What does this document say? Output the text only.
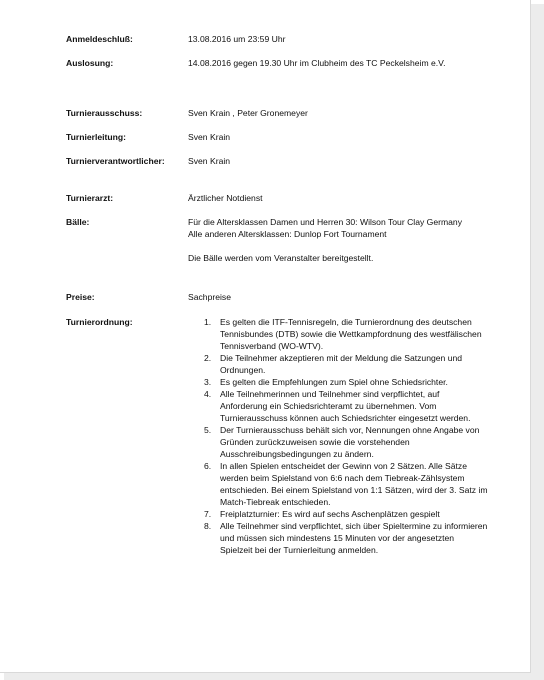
Anmeldeschluß:	13.08.2016 um 23:59 Uhr
Auslosung:	14.08.2016 gegen 19.30 Uhr im Clubheim des TC Peckelsheim e.V.
Turnierausschuss:	Sven Krain , Peter Gronemeyer
Turnierleitung:	Sven Krain
Turnierverantwortlicher:	Sven Krain
Turnierarzt:	Ärztlicher Notdienst
Bälle:	Für die Altersklassen Damen und Herren 30: Wilson Tour Clay Germany

Alle anderen Altersklassen: Dunlop Fort Tournament

Die Bälle werden vom Veranstalter bereitgestellt.

Preise:	Sachpreise
Turnierordnung:	1. Es gelten die ITF-Tennisregeln, die Turnierordnung des deutschen Tennisbundes (DTB) sowie die Wettkampfordnung des westfälischen Tennisverband (WO-WTV).
2. Die Teilnehmer akzeptieren mit der Meldung die Satzungen und Ordnungen.
3. Es gelten die Empfehlungen zum Spiel ohne Schiedsrichter.
4. Alle Teilnehmerinnen und Teilnehmer sind verpflichtet, auf Anforderung ein Schiedsrichteramt zu übernehmen. Vom Turnierausschuss können auch Schiedsrichter eingesetzt werden.
5. Der Turnierausschuss behält sich vor, Nennungen ohne Angabe von Gründen zurückzuweisen sowie die vorstehenden Ausschreibungsbedingungen zu ändern.
6. In allen Spielen entscheidet der Gewinn von 2 Sätzen. Alle Sätze werden beim Spielstand von 6:6 nach dem Tiebreak-Zählsystem entschieden. Bei einem Spielstand von 1:1 Sätzen, wird der 3. Satz im Match-Tiebreak entschieden.
7. Freiplatzturnier: Es wird auf sechs Aschenplätzen gespielt
8. Alle Teilnehmer sind verpflichtet, sich über Spieltermine zu informieren und müssen sich mindestens 15 Minuten vor der angesetzten Spielzeit bei der Turnierleitung anmelden.
